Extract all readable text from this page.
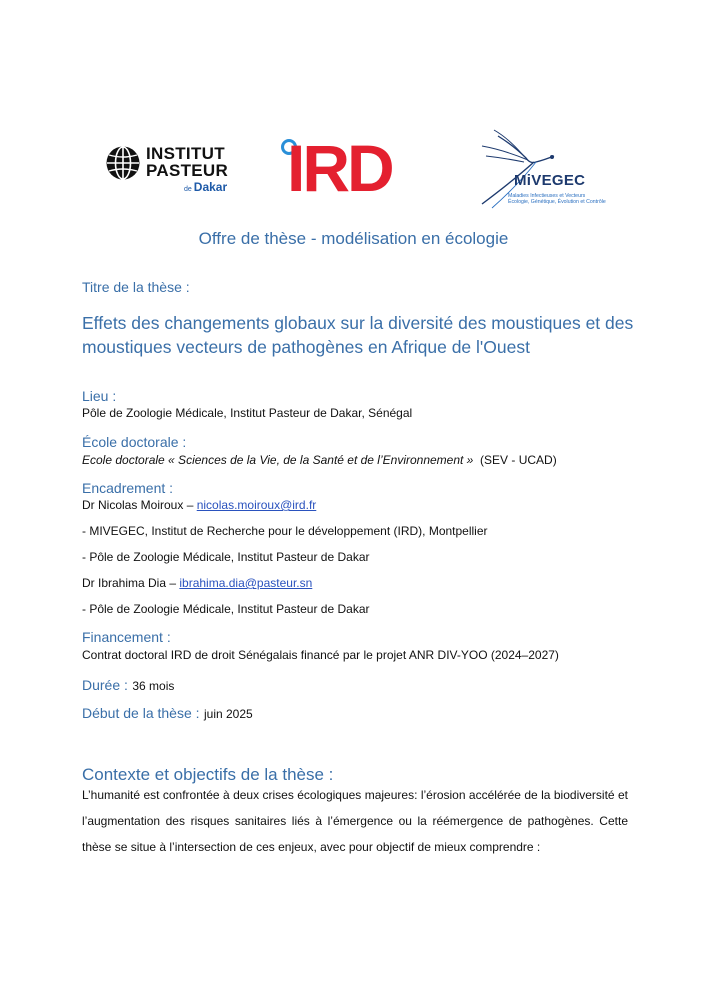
INSTITUT
PASTEUR
de Dakar IRD	MiVEGEC
Maladies Infectieuses et Vecteurs
Écologie, Génétique, Évolution et Contrôle
Offre de thèse - modélisation en écologie
Titre de la thèse :
Effets des changements globaux sur la diversité des moustiques et des moustiques vecteurs de pathogènes en Afrique de l'Ouest
Lieu :
Pôle de Zoologie Médicale, Institut Pasteur de Dakar, Sénégal
École doctorale :
Ecole doctorale « Sciences de la Vie, de la Santé et de l’Environnement » (SEV - UCAD)
Encadrement :
Dr Nicolas Moiroux – nicolas.moiroux@ird.fr
- MIVEGEC, Institut de Recherche pour le développement (IRD), Montpellier
- Pôle de Zoologie Médicale, Institut Pasteur de Dakar
Dr Ibrahima Dia – ibrahima.dia@pasteur.sn
- Pôle de Zoologie Médicale, Institut Pasteur de Dakar
Financement :
Contrat doctoral IRD de droit Sénégalais financé par le projet ANR DIV-YOO (2024–2027)
Durée : 36 mois
Début de la thèse : juin 2025
Contexte et objectifs de la thèse :
L’humanité est confrontée à deux crises écologiques majeures: l’érosion accélérée de la biodiversité et l’augmentation des risques sanitaires liés à l’émergence ou la réémergence de pathogènes. Cette thèse se situe à l’intersection de ces enjeux, avec pour objectif de mieux comprendre :
